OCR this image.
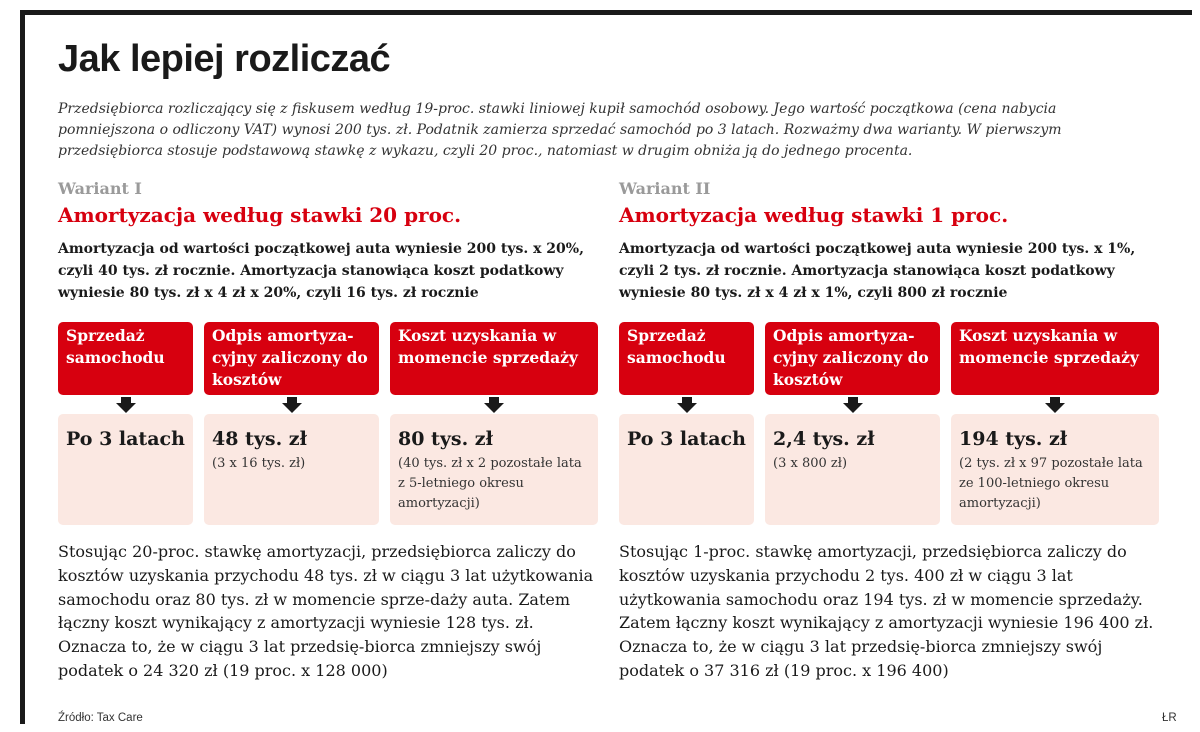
Jak lepiej rozliczać

Przedsiębiorca rozliczający się z fiskusem według 19-proc. stawki liniowej kupił samochód osobowy. Jego wartość początkowa (cena nabycia pomniejszona o odliczony VAT) wynosi 200 tys. zł. Podatnik zamierza sprzedać samochód po 3 latach. Rozważmy dwa warianty. W pierwszym przedsiębiorca stosuje podstawową stawkę z wykazu, czyli 20 proc., natomiast w drugim obniża ją do jednego procenta.

Wariant I
Amortyzacja według stawki 20 proc.
Amortyzacja od wartości początkowej auta wyniesie 200 tys. x 20%, czyli 40 tys. zł rocznie. Amortyzacja stanowiąca koszt podatkowy wyniesie 80 tys. zł x 4 zł x 20%, czyli 16 tys. zł rocznie
Sprzedaż samochodu
Po 3 latach
Odpis amortyza-cyjny zaliczony do kosztów
48 tys. zł
(3 x 16 tys. zł)
Koszt uzyskania w momencie sprzedaży
80 tys. zł
(40 tys. zł x 2 pozostałe lata z 5-letniego okresu amortyzacji)

Stosując 20-proc. stawkę amortyzacji, przedsiębiorca zaliczy do kosztów uzyskania przychodu 48 tys. zł w ciągu 3 lat użytkowania samochodu oraz 80 tys. zł w momencie sprze-daży auta. Zatem łączny koszt wynikający z amortyzacji wyniesie 128 tys. zł. Oznacza to, że w ciągu 3 lat przedsię-biorca zmniejszy swój podatek o 24 320 zł (19 proc. x 128 000)

Wariant II
Amortyzacja według stawki 1 proc.
Amortyzacja od wartości początkowej auta wyniesie 200 tys. x 1%, czyli 2 tys. zł rocznie. Amortyzacja stanowiąca koszt podatkowy wyniesie 80 tys. zł x 4 zł x 1%, czyli 800 zł rocznie
Sprzedaż samochodu
Po 3 latach
Odpis amortyza-cyjny zaliczony do kosztów
2,4 tys. zł
(3 x 800 zł)
Koszt uzyskania w momencie sprzedaży
194 tys. zł
(2 tys. zł x 97 pozostałe lata ze 100-letniego okresu amortyzacji)

Stosując 1-proc. stawkę amortyzacji, przedsiębiorca zaliczy do kosztów uzyskania przychodu 2 tys. 400 zł w ciągu 3 lat użytkowania samochodu oraz 194 tys. zł w momencie sprzedaży. Zatem łączny koszt wynikający z amortyzacji wyniesie 196 400 zł. Oznacza to, że w ciągu 3 lat przedsię-biorca zmniejszy swój podatek o 37 316 zł (19 proc. x 196 400)

Źródło: Tax Care	ŁR
